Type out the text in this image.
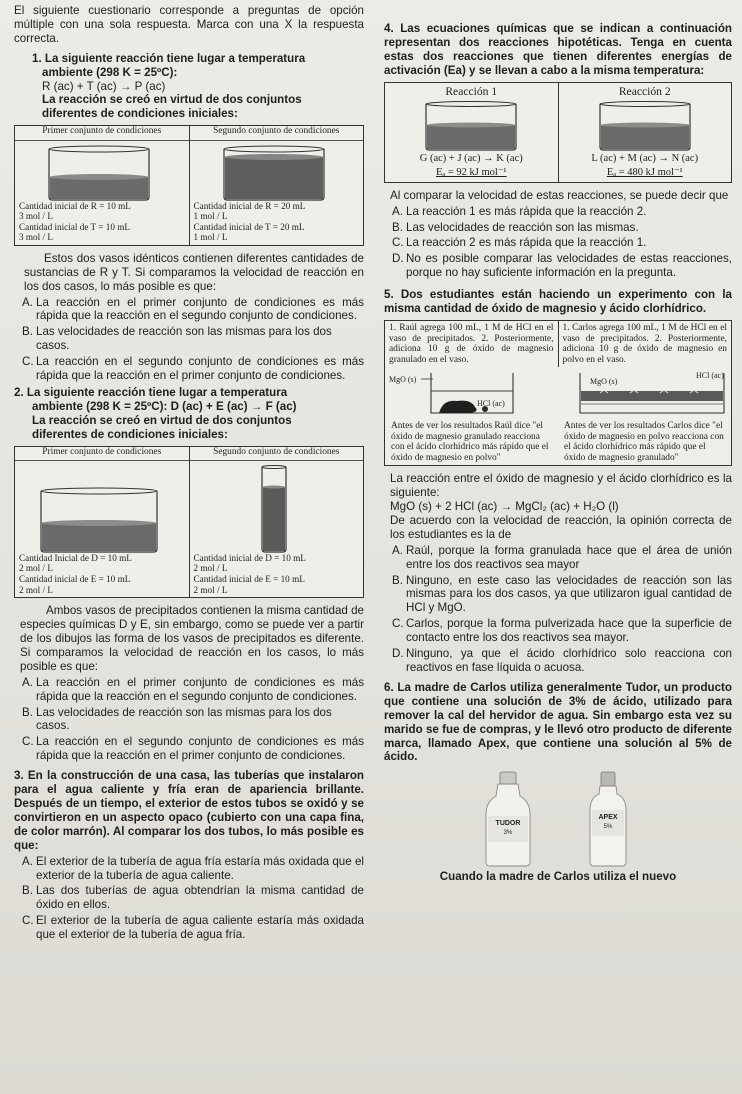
El siguiente cuestionario corresponde a preguntas de opción múltiple con una sola respuesta. Marca con una X la respuesta correcta.

1. La siguiente reacción tiene lugar a temperatura

ambiente (298 K = 25ºC):

R (ac) + T (ac) → P (ac)

La reacción se creó en virtud de dos conjuntos

diferentes de condiciones iniciales:

Primer conjunto de condiciones
Cantidad inicial de R = 10 mL
3 mol / L
Cantidad inicial de T = 10 mL
3 mol / L
Segundo conjunto de condiciones
Cantidad inicial de R = 20 mL
1 mol / L
Cantidad inicial de T = 20 mL
1 mol / L

Estos dos vasos idénticos contienen diferentes cantidades de sustancias de R y T. Si comparamos la velocidad de reacción en los dos casos, lo más posible es que:

A. La reacción en el primer conjunto de condiciones es más rápida que la reacción en el segundo conjunto de condiciones.
B. Las velocidades de reacción son las mismas para los dos casos.
C. La reacción en el segundo conjunto de condiciones es más rápida que la reacción en el primer conjunto de condiciones.

2. La siguiente reacción tiene lugar a temperatura

ambiente (298 K = 25ºC): D (ac) + E (ac) → F (ac)

La reacción se creó en virtud de dos conjuntos

diferentes de condiciones iniciales:

Primer conjunto de condiciones
Cantidad Inicial de D = 10 mL
2 mol / L
Cantidad inicial de E = 10 mL
2 mol / L
Segundo conjunto de condiciones
Cantidad inicial de D = 10 mL
2 mol / L
Cantidad inicial de E = 10 mL
2 mol / L

Ambos vasos de precipitados contienen la misma cantidad de especies químicas D y E, sin embargo, como se puede ver a partir de los dibujos las forma de los vasos de precipitados es diferente. Si comparamos la velocidad de reacción en los casos, lo más posible es que:

A. La reacción en el primer conjunto de condiciones es más rápida que la reacción en el segundo conjunto de condiciones.
B. Las velocidades de reacción son las mismas para los dos casos.
C. La reacción en el segundo conjunto de condiciones es más rápida que la reacción en el primer conjunto de condiciones.

3. En la construcción de una casa, las tuberías que instalaron para el agua caliente y fría eran de apariencia brillante. Después de un tiempo, el exterior de estos tubos se oxidó y se convirtieron en un aspecto opaco (cubierto con una capa fina, de color marrón). Al comparar los dos tubos, lo más posible es que:

A. El exterior de la tubería de agua fría estaría más oxidada que el exterior de la tubería de agua caliente.
B. Las dos tuberías de agua obtendrían la misma cantidad de óxido en ellos.
C. El exterior de la tubería de agua caliente estaría más oxidada que el exterior de la tubería de agua fría.

4. Las ecuaciones químicas que se indican a continuación representan dos reacciones hipotéticas. Tenga en cuenta estas dos reacciones que tienen diferentes energías de activación (Ea) y se llevan a cabo a la misma temperatura:

Reacción 1
G (ac) + J (ac) → K (ac)
Eₐ = 92 kJ mol⁻¹
Reacción 2
L (ac) + M (ac) → N (ac)
Eₐ = 480 kJ mol⁻¹

Al comparar la velocidad de estas reacciones, se puede decir que

A. La reacción 1 es más rápida que la reacción 2.
B. Las velocidades de reacción son las mismas.
C. La reacción 2 es más rápida que la reacción 1.
D. No es posible comparar las velocidades de estas reacciones, porque no hay suficiente información en la pregunta.

5. Dos estudiantes están haciendo un experimento con la misma cantidad de óxido de magnesio y ácido clorhídrico.

1. Raúl agrega 100 mL, 1 M de HCl en el vaso de precipitados. 2. Posteriormente, adiciona 10 g de óxido de magnesio granulado en el vaso.
1. Carlos agrega 100 mL, 1 M de HCl en el vaso de precipitados. 2. Posteriormente, adiciona 10 g de óxido de magnesio en polvo en el vaso.
MgO (s)
HCl (ac)
MgO (s)
HCl (ac)
Antes de ver los resultados Raúl dice "el óxido de magnesio granulado reacciona con el ácido clorhídrico más rápido que el óxido de magnesio en polvo"
Antes de ver los resultados Carlos dice "el óxido de magnesio en polvo reacciona con el ácido clorhídrico más rápido que el óxido de magnesio granulado"

La reacción entre el óxido de magnesio y el ácido clorhídrico es la siguiente:

MgO (s) + 2 HCl (ac) → MgCl₂ (ac) + H₂O (l)

De acuerdo con la velocidad de reacción, la opinión correcta de los estudiantes es la de

A. Raúl, porque la forma granulada hace que el área de unión entre los dos reactivos sea mayor
B. Ninguno, en este caso las velocidades de reacción son las mismas para los dos casos, ya que utilizaron igual cantidad de HCl y MgO.
C. Carlos, porque la forma pulverizada hace que la superficie de contacto entre los dos reactivos sea mayor.
D. Ninguno, ya que el ácido clorhídrico solo reacciona con reactivos en fase líquida o acuosa.

6. La madre de Carlos utiliza generalmente Tudor, un producto que contiene una solución de 3% de ácido, utilizado para remover la cal del hervidor de agua. Sin embargo esta vez su marido se fue de compras, y le llevó otro producto de diferente marca, llamado Apex, que contiene una solución al 5% de ácido.

TUDOR
3%
APEX
5%

Cuando la madre de Carlos utiliza el nuevo
